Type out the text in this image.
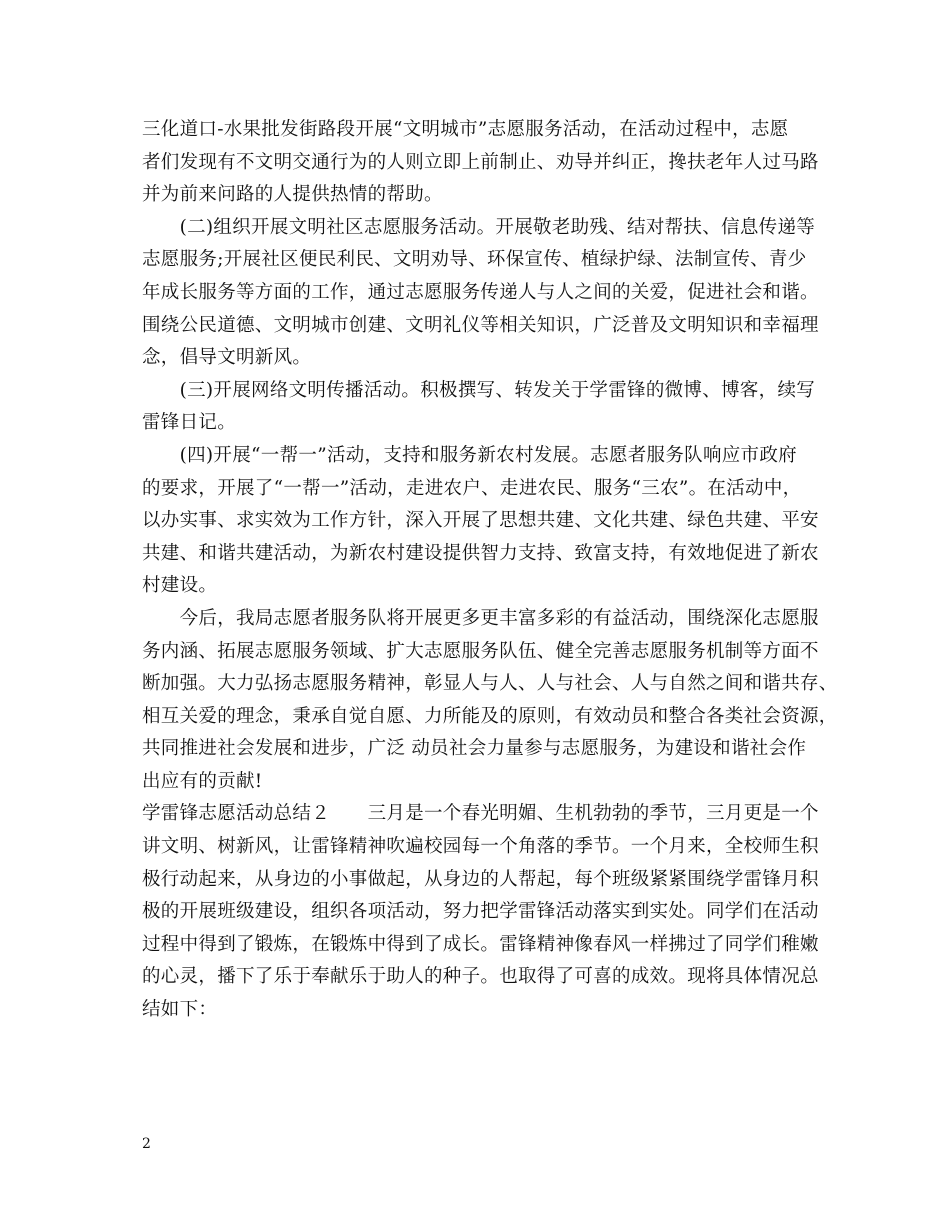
三化道口-水果批发街路段开展“文明城市”志愿服务活动，在活动过程中，志愿
者们发现有不文明交通行为的人则立即上前制止、劝导并纠正，搀扶老年人过马路
并为前来问路的人提供热情的帮助。

　　(二)组织开展文明社区志愿服务活动。开展敬老助残、结对帮扶、信息传递等
志愿服务;开展社区便民利民、文明劝导、环保宣传、植绿护绿、法制宣传、青少
年成长服务等方面的工作，通过志愿服务传递人与人之间的关爱，促进社会和谐。
围绕公民道德、文明城市创建、文明礼仪等相关知识，广泛普及文明知识和幸福理
念，倡导文明新风。

　　(三)开展网络文明传播活动。积极撰写、转发关于学雷锋的微博、博客，续写
雷锋日记。

　　(四)开展“一帮一”活动，支持和服务新农村发展。志愿者服务队响应市政府
的要求，开展了“一帮一”活动，走进农户、走进农民、服务“三农”。在活动中，
以办实事、求实效为工作方针，深入开展了思想共建、文化共建、绿色共建、平安
共建、和谐共建活动，为新农村建设提供智力支持、致富支持，有效地促进了新农
村建设。

　　今后，我局志愿者服务队将开展更多更丰富多彩的有益活动，围绕深化志愿服
务内涵、拓展志愿服务领域、扩大志愿服务队伍、健全完善志愿服务机制等方面不
断加强。大力弘扬志愿服务精神，彰显人与人、人与社会、人与自然之间和谐共存、
相互关爱的理念，秉承自觉自愿、力所能及的原则，有效动员和整合各类社会资源，
共同推进社会发展和进步，广泛 动员社会力量参与志愿服务，为建设和谐社会作
出应有的贡献!

学雷锋志愿活动总结２　　三月是一个春光明媚、生机勃勃的季节，三月更是一个
讲文明、树新风，让雷锋精神吹遍校园每一个角落的季节。一个月来，全校师生积
极行动起来，从身边的小事做起，从身边的人帮起，每个班级紧紧围绕学雷锋月积
极的开展班级建设，组织各项活动，努力把学雷锋活动落实到实处。同学们在活动
过程中得到了锻炼，在锻炼中得到了成长。雷锋精神像春风一样拂过了同学们稚嫩
的心灵，播下了乐于奉献乐于助人的种子。也取得了可喜的成效。现将具体情况总
结如下：

2
